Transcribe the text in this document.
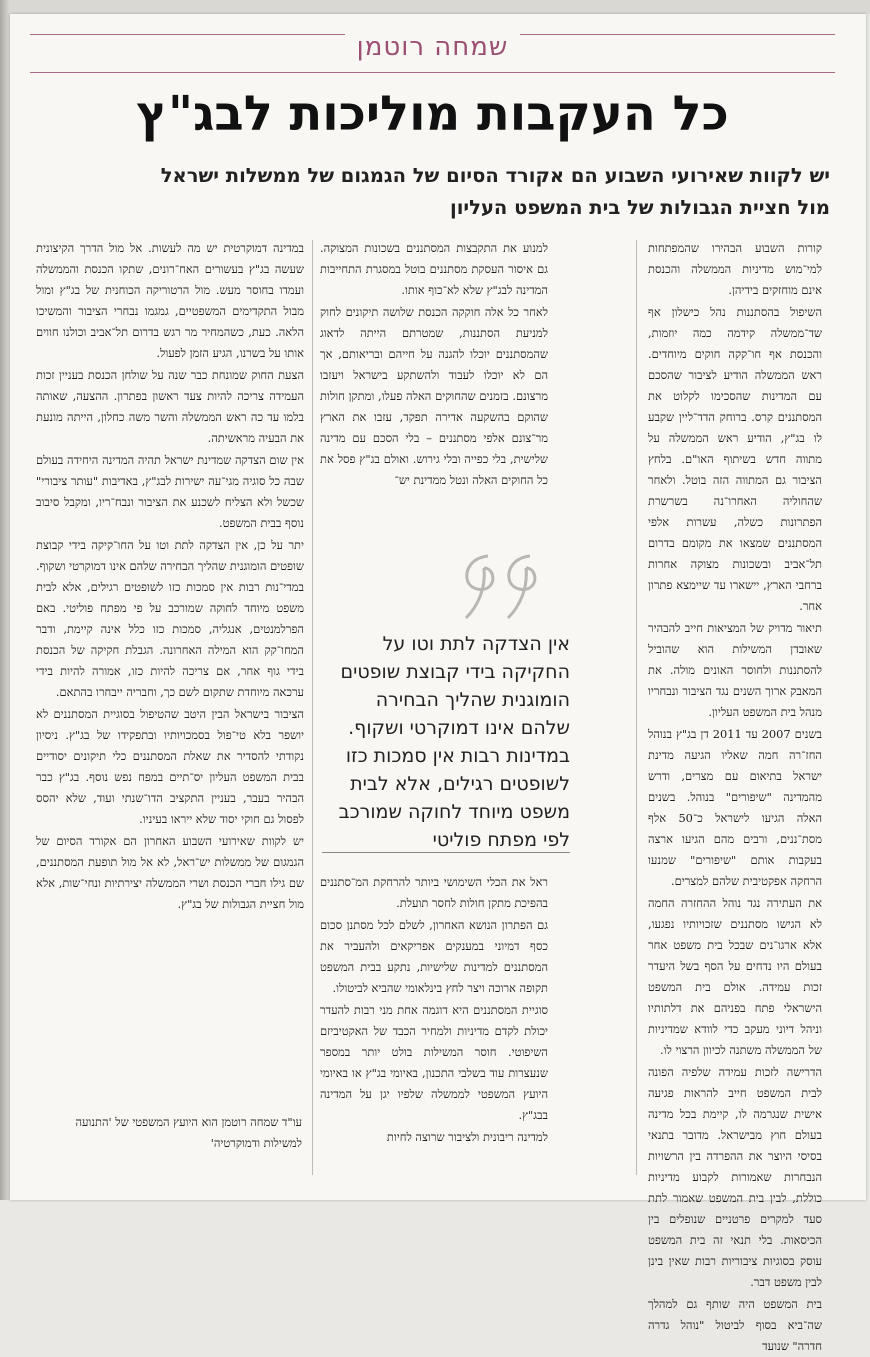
שמחה רוטמן
כל העקבות מוליכות לבג"ץ
יש לקוות שאירועי השבוע הם אקורד הסיום של הגמגום של ממשלות ישראל מול חציית הגבולות של בית המשפט העליון

קורות השבוע הבהירו שהמפתחות למי־מוש מדיניות הממשלה והכנסת אינם מוחזקים בידיהן.

השיפול בהסתננות נהל כישלון אף שד־ממשלה קידמה כמה יוזמות, והכנסת אף חו־קקה חוקים מיוחדים. ראש הממשלה הודיע לציבור שהסכם עם המדינות שהסכימו לקלוט את המסתננים קרס. ברוחק הדד־ליין שקבע לו בג"ץ, הודיע ראש הממשלה על מתווה חדש בשיתוף האו"ם. בלחץ הציבור גם המתווה הזה בוטל. ולאחר שהחוליה האחרו־נה בשרשרת הפתרונות כשלה, עשרות אלפי המסתננים שמצאו את מקומם בדרום תל־אביב ובשכונות מצוקה אחרות ברחבי הארץ, יישארו עד שיימצא פתרון אחר.

תיאור מדויק של המציאות חייב להבהיר שאובדן המשילות הוא שהוביל להסתננות ולחוסר האונים מולה. את המאבק ארוך השנים נגד הציבור ונבחריו מנהל בית המשפט העליון.

בשנים 2007 עד 2011 דן בג"ץ בנוהל החז־רה חמה שאליו הגיעה מדינת ישראל בתיאום עם מצרים, ודרש מהמדינה "שיפורים" בנוהל. בשנים האלה הגיעו לישראל כ־50 אלף מסת־ננים, ורבים מהם הגיעו ארצה בעקבות אותם "שיפורים" שמנעו הרחקה אפקטיבית שלהם למצרים.

את העתירה נגד נוהל ההחזרה החמה לא הגישו מסתננים שזכויותיו נפגעו, אלא ארגו־נים שבכל בית משפט אחר בעולם היו נדחים על הסף בשל היעדר זכות עמידה. אולם בית המשפט הישראלי פתח בפניהם את דלתותיו וניהל דיוני מעקב כדי לוודא שמדיניות של הממשלה משתנה לכיוון הרצוי לו.

הדרישה לזכות עמידה שלפיה הפונה לבית המשפט חייב להראות פגיעה אישית שנגרמה לו, קיימת בכל מדינה בעולם חוץ מבישראל. מדובר בתנאי בסיסי היוצר את ההפרדה בין הרשויות הנבחרות שאמורות לקבוע מדיניות כוללת, לבין בית המשפט שאמור לתת סעד למקרים פרטניים שנופלים בין הכיסאות. בלי תנאי זה בית המשפט עוסק בסוגיות ציבוריות רבות שאין בינן לבין משפט דבר.

בית המשפט היה שותף גם למהלך שה־ביא בסוף לביטול "נוהל גדרה חדרה" שנועד

למנוע את התקבצות המסתננים בשכונות המצוקה. גם איסור העסקת מסתננים בוטל במסגרת התחייבות המדינה לבג"ץ שלא לא־כוף אותו.

לאחר כל אלה חוקקה הכנסת שלושה תיקונים לחוק למניעת הסתננות, שמטרתם הייתה לדאוג שהמסתננים יוכלו להגנה על חייהם ובריאותם, אך הם לא יוכלו לעבוד ולהשתקע בישראל ויעזבו מרצונם. בזמנים שהחוקים האלה פעלו, ומתקן חולות שהוקם בהשקעה אדירה תפקד, עזבו את הארץ מר־צונם אלפי מסתננים – בלי הסכם עם מדינה שלישית, בלי כפייה ובלי גירוש. ואולם בג"ץ פסל את כל החוקים האלה ונטל ממדינת יש־

אין הצדקה לתת וטו על החקיקה בידי קבוצת שופטים הומוגנית שהליך הבחירה שלהם אינו דמוקרטי ושקוף. במדינות רבות אין סמכות כזו לשופטים רגילים, אלא לבית משפט מיוחד לחוקה שמורכב לפי מפתח פוליטי

ראל את הכלי השימושי ביותר להרחקת המ־סתננים בהפיכת מתקן חולות לחסר תועלת.

גם הפתרון הנושא האחרון, לשלם לכל מסתנן סכום כסף דמיוני במענקים אפריקאים ולהעביר את המסתננים למדינות שלישיות, נתקע בבית המשפט תקופה ארוכה ויצר לחץ בינלאומי שהביא לביטולו.

סוגיית המסתננים היא דוגמה אחת מני רבות להעדר יכולת לקדם מדיניות ולמחיר הכבד של האקטיביזם השיפוטי. חוסר המשילות בולט יותר במספר שנעצרות עוד בשלבי התכנון, באיומי בג"ץ או באיומי היועץ המשפטי לממשלה שלפיו יגן על המדינה בבג"ץ.

למדינה ריבונית ולציבור שרוצה לחיות

במדינה דמוקרטית יש מה לעשות. אל מול הדרך הקיצונית שעשה בג"ץ בעשורים האח־רונים, שתקו הכנסת והממשלה ועמדו בחוסר מעש. מול הרטוריקה הכוחנית של בג"ץ ומול מבול התקדימים המשפטיים, גמגמו נבחרי הציבור והמשיכו הלאה. כעת, כשהמחיר מר רגש בדרום תל־אביב וכולנו חווים אותו על בשרנו, הגיע הזמן לפעול.

הצעת החוק שמונחת כבר שנה על שולחן הכנסת בעניין זכות העמידה צריכה להיות צעד ראשון בפתרון. ההצעה, שאותה בלמו עד כה ראש הממשלה והשר משה כחלון, הייתה מונעת את הבעיה מראשיתה.

אין שום הצדקה שמדינת ישראל תהיה המדינה היחידה בעולם שבה כל סוגיה מגי־עה ישירות לבג"ץ, באדיבות "עותר ציבורי" שכשל ולא הצליח לשכנע את הציבור ונבח־ריו, ומקבל סיבוב נוסף בבית המשפט.

יתר על כן, אין הצדקה לתת וטו על החו־קיקה בידי קבוצת שופטים הומוגנית שהליך הבחירה שלהם אינו דמוקרטי ושקוף. במדי־נות רבות אין סמכות כזו לשופטים רגילים, אלא לבית משפט מיוחד לחוקה שמורכב על פי מפתח פוליטי. באם הפרלמנטים, אנגליה, סמכות כזו כלל אינה קיימת, ודבר המחו־קק הוא המילה האחרונה. הגבלת חקיקה של הכנסת בידי גוף אחר, אם צריכה להיות כזו, אמורה להיות בידי ערכאה מיוחדת שתקום לשם כך, וחבריה ייבחרו בהתאם.

הציבור בישראל הבין היטב שהטיפול בסוגיית המסתננים לא יושפר בלא טי־פול בסמכויותיו ובתפקידו של בג"ץ. ניסיון נקודתי להסדיר את שאלת המסתננים כלי תיקונים יסודיים בבית המשפט העליון יס־תיים במפח נפש נוסף. בג"ץ כבר הבהיר בעבר, בעניין התקציב הדו־שנתי ועוד, שלא יהסס לפסול גם חוקי יסוד שלא ייראו בעיניו.

יש לקוות שאירועי השבוע האחרון הם אקורד הסיום של הגמגום של ממשלות יש־ראל, לא אל מול תופעת המסתננים, שם גילו חברי הכנסת ושרי הממשלה יצירתיות ונחי־שות, אלא מול חציית הגבולות של בג"ץ.

עו"ד שמחה רוטמן הוא היועץ המשפטי של 'התנועה למשילות ודמוקרטיה'
